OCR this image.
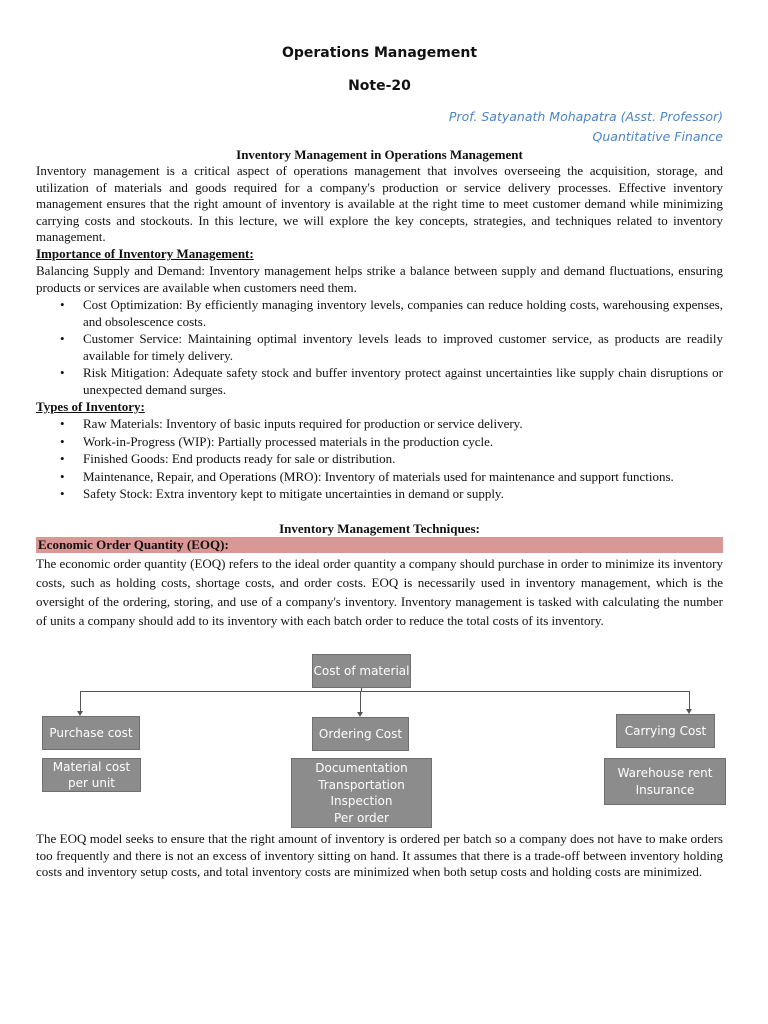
Operations Management
Note-20
Prof. Satyanath Mohapatra (Asst. Professor)
Quantitative Finance
Inventory Management in Operations Management
Inventory management is a critical aspect of operations management that involves overseeing the acquisition, storage, and utilization of materials and goods required for a company's production or service delivery processes. Effective inventory management ensures that the right amount of inventory is available at the right time to meet customer demand while minimizing carrying costs and stockouts. In this lecture, we will explore the key concepts, strategies, and techniques related to inventory management.
Importance of Inventory Management:
Balancing Supply and Demand: Inventory management helps strike a balance between supply and demand fluctuations, ensuring products or services are available when customers need them.
• Cost Optimization: By efficiently managing inventory levels, companies can reduce holding costs, warehousing expenses, and obsolescence costs.
• Customer Service: Maintaining optimal inventory levels leads to improved customer service, as products are readily available for timely delivery.
• Risk Mitigation: Adequate safety stock and buffer inventory protect against uncertainties like supply chain disruptions or unexpected demand surges.
Types of Inventory:
• Raw Materials: Inventory of basic inputs required for production or service delivery.
• Work-in-Progress (WIP): Partially processed materials in the production cycle.
• Finished Goods: End products ready for sale or distribution.
• Maintenance, Repair, and Operations (MRO): Inventory of materials used for maintenance and support functions.
• Safety Stock: Extra inventory kept to mitigate uncertainties in demand or supply.
Inventory Management Techniques:
Economic Order Quantity (EOQ):
The economic order quantity (EOQ) refers to the ideal order quantity a company should purchase in order to minimize its inventory costs, such as holding costs, shortage costs, and order costs. EOQ is necessarily used in inventory management, which is the oversight of the ordering, storing, and use of a company's inventory. Inventory management is tasked with calculating the number of units a company should add to its inventory with each batch order to reduce the total costs of its inventory.
Cost of material
Purchase cost	Ordering Cost	Carrying Cost
Material cost per unit
Documentation
Transportation
Inspection
Per order
Warehouse rent
Insurance
The EOQ model seeks to ensure that the right amount of inventory is ordered per batch so a company does not have to make orders too frequently and there is not an excess of inventory sitting on hand. It assumes that there is a trade-off between inventory holding costs and inventory setup costs, and total inventory costs are minimized when both setup costs and holding costs are minimized.
